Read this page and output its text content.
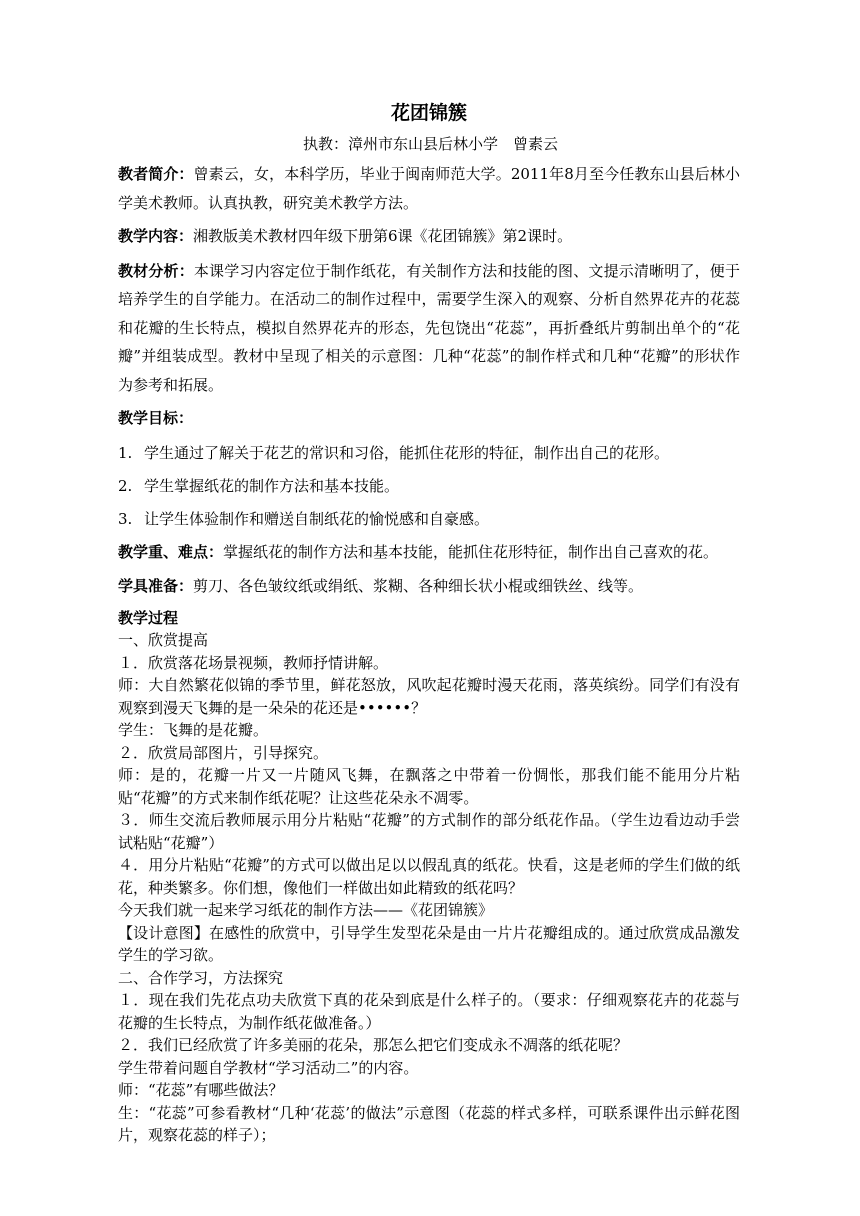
花团锦簇

执教：漳州市东山县后林小学　曾素云

教者简介：曾素云，女，本科学历，毕业于闽南师范大学。2011年8月至今任教东山县后林小学美术教师。认真执教，研究美术教学方法。

教学内容：湘教版美术教材四年级下册第6课《花团锦簇》第2课时。

教材分析：本课学习内容定位于制作纸花，有关制作方法和技能的图、文提示清晰明了，便于培养学生的自学能力。在活动二的制作过程中，需要学生深入的观察、分析自然界花卉的花蕊和花瓣的生长特点，模拟自然界花卉的形态，先包饶出“花蕊”，再折叠纸片剪制出单个的“花瓣”并组装成型。教材中呈现了相关的示意图：几种“花蕊”的制作样式和几种“花瓣”的形状作为参考和拓展。

教学目标：

1. 学生通过了解关于花艺的常识和习俗，能抓住花形的特征，制作出自己的花形。

2. 学生掌握纸花的制作方法和基本技能。

3. 让学生体验制作和赠送自制纸花的愉悦感和自豪感。

教学重、难点：掌握纸花的制作方法和基本技能，能抓住花形特征，制作出自己喜欢的花。

学具准备：剪刀、各色皱纹纸或绢纸、浆糊、各种细长状小棍或细铁丝、线等。

教学过程

一、欣赏提高

１．欣赏落花场景视频，教师抒情讲解。

师：大自然繁花似锦的季节里，鲜花怒放，风吹起花瓣时漫天花雨，落英缤纷。同学们有没有观察到漫天飞舞的是一朵朵的花还是••••••？

学生：飞舞的是花瓣。

２．欣赏局部图片，引导探究。

师：是的，花瓣一片又一片随风飞舞，在飘落之中带着一份惆怅，那我们能不能用分片粘贴“花瓣”的方式来制作纸花呢？让这些花朵永不凋零。

３．师生交流后教师展示用分片粘贴“花瓣”的方式制作的部分纸花作品。（学生边看边动手尝试粘贴“花瓣”）

４．用分片粘贴“花瓣”的方式可以做出足以以假乱真的纸花。快看，这是老师的学生们做的纸花，种类繁多。你们想，像他们一样做出如此精致的纸花吗？

今天我们就一起来学习纸花的制作方法——《花团锦簇》

【设计意图】在感性的欣赏中，引导学生发型花朵是由一片片花瓣组成的。通过欣赏成品激发学生的学习欲。

二、合作学习，方法探究

１．现在我们先花点功夫欣赏下真的花朵到底是什么样子的。（要求：仔细观察花卉的花蕊与花瓣的生长特点，为制作纸花做准备。）

２．我们已经欣赏了许多美丽的花朵，那怎么把它们变成永不凋落的纸花呢？

学生带着问题自学教材“学习活动二”的内容。

师：“花蕊”有哪些做法？

生：“花蕊”可参看教材“几种‘花蕊’的做法”示意图（花蕊的样式多样，可联系课件出示鲜花图片，观察花蕊的样子）；
